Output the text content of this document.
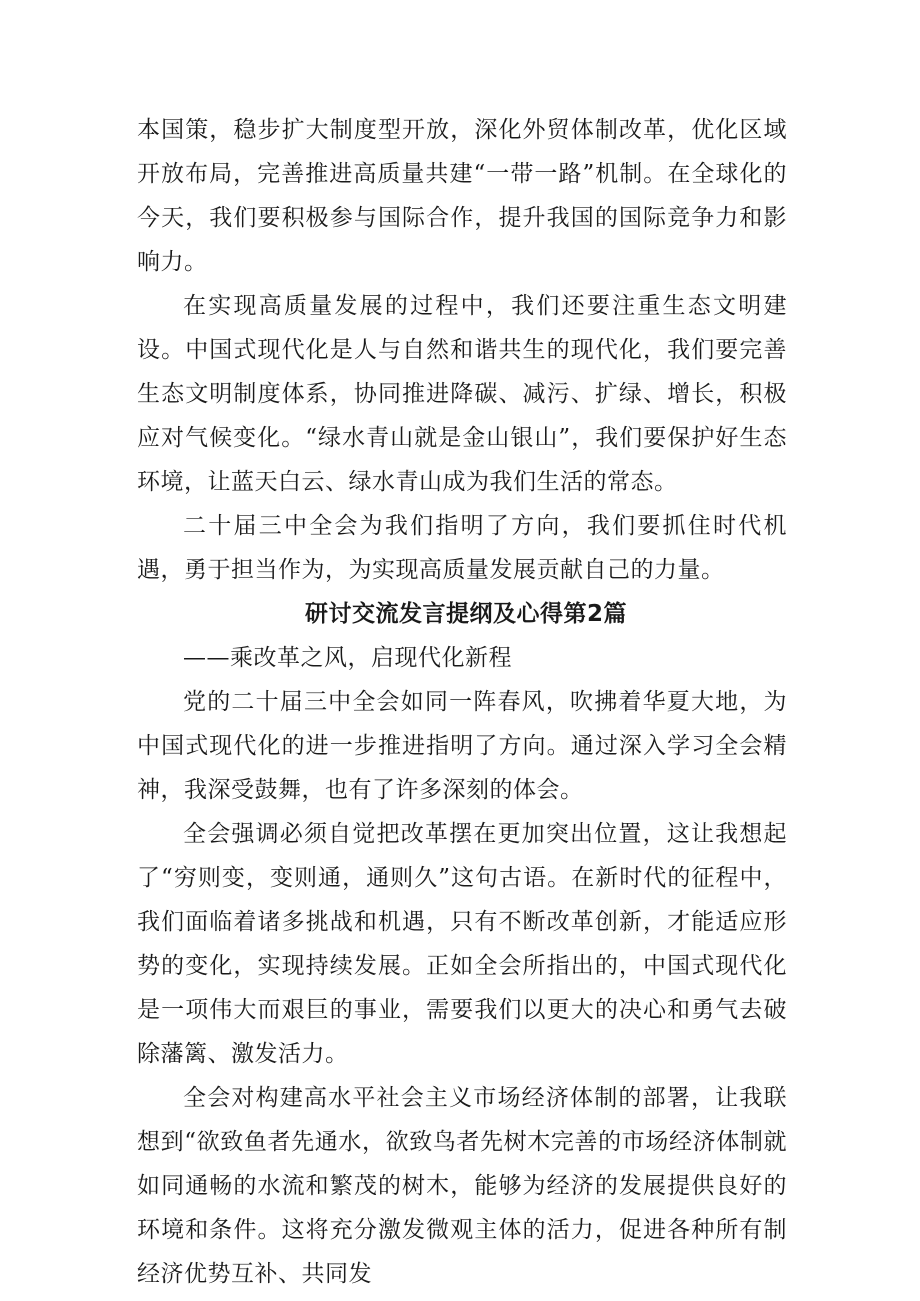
本国策，稳步扩大制度型开放，深化外贸体制改革，优化区域开放布局，完善推进高质量共建“一带一路”机制。在全球化的今天，我们要积极参与国际合作，提升我国的国际竞争力和影响力。

在实现高质量发展的过程中，我们还要注重生态文明建设。中国式现代化是人与自然和谐共生的现代化，我们要完善生态文明制度体系，协同推进降碳、减污、扩绿、增长，积极应对气候变化。“绿水青山就是金山银山”，我们要保护好生态环境，让蓝天白云、绿水青山成为我们生活的常态。

二十届三中全会为我们指明了方向，我们要抓住时代机遇，勇于担当作为，为实现高质量发展贡献自己的力量。

研讨交流发言提纲及心得第2篇

——乘改革之风，启现代化新程

党的二十届三中全会如同一阵春风，吹拂着华夏大地，为中国式现代化的进一步推进指明了方向。通过深入学习全会精神，我深受鼓舞，也有了许多深刻的体会。

全会强调必须自觉把改革摆在更加突出位置，这让我想起了“穷则变，变则通，通则久”这句古语。在新时代的征程中，我们面临着诸多挑战和机遇，只有不断改革创新，才能适应形势的变化，实现持续发展。正如全会所指出的，中国式现代化是一项伟大而艰巨的事业，需要我们以更大的决心和勇气去破除藩篱、激发活力。

全会对构建高水平社会主义市场经济体制的部署，让我联想到“欲致鱼者先通水，欲致鸟者先树木完善的市场经济体制就如同通畅的水流和繁茂的树木，能够为经济的发展提供良好的环境和条件。这将充分激发微观主体的活力，促进各种所有制经济优势互补、共同发
